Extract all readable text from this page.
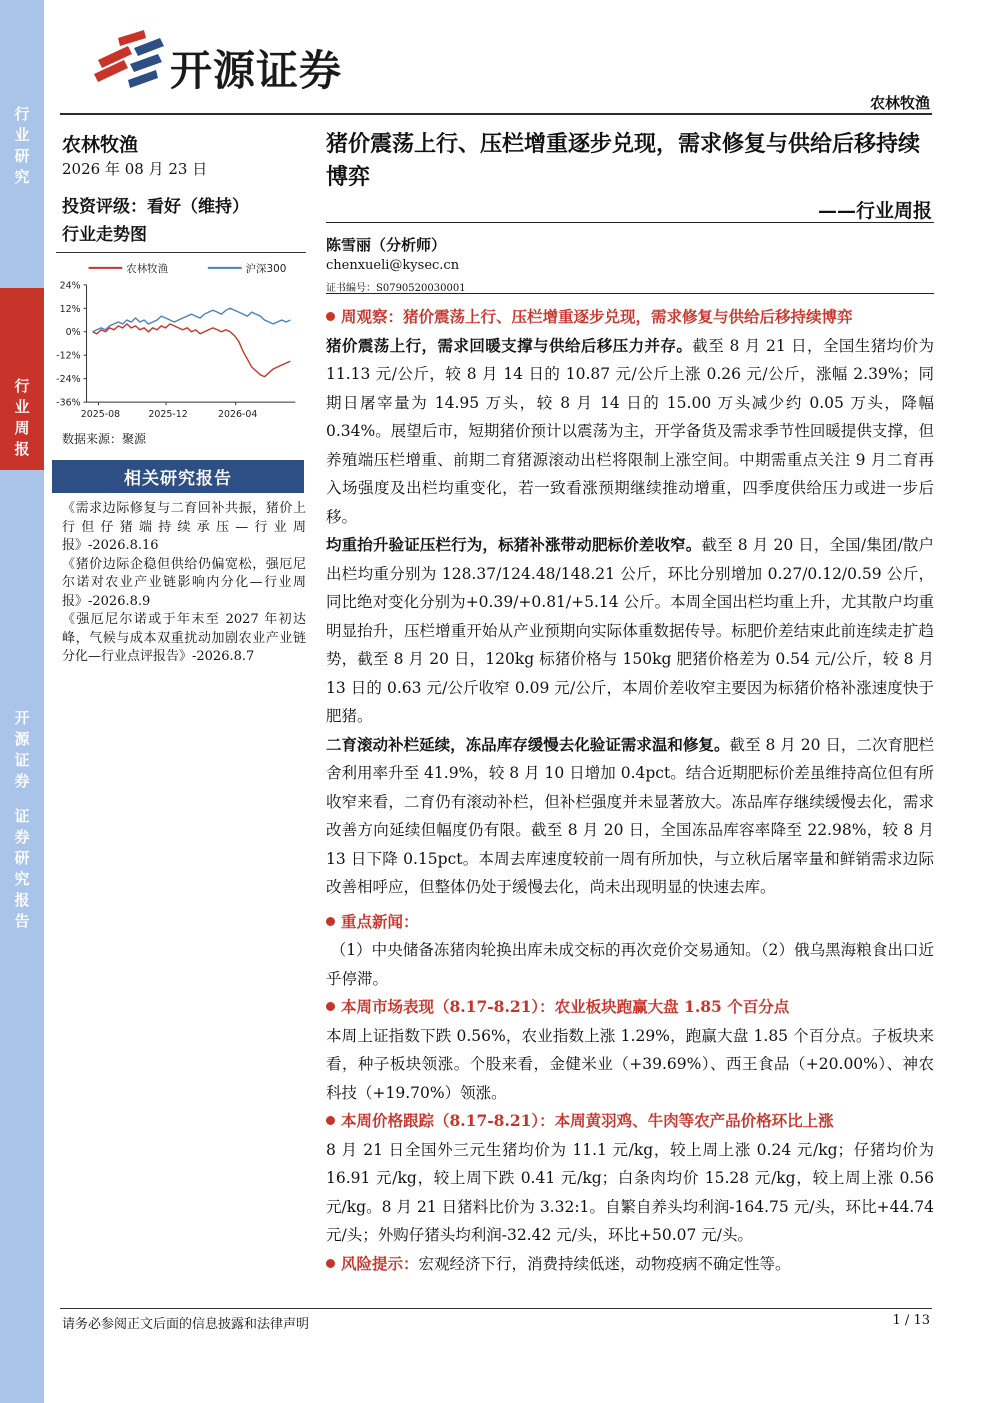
行
业
研
究
行
业
周
报
开
源
证
券
证
券
研
究
报
告
开源证券
农林牧渔
农林牧渔
2026 年 08 月 23 日
投资评级：看好（维持）
行业走势图
24%
12%
0%
-12%
-24%
-36%
2025-08	2025-12	2026-04
农林牧渔	沪深300
数据来源：聚源
相关研究报告
《需求边际修复与二育回补共振，猪价上行但仔猪端持续承压—行业周报》-2026.8.16
《猪价边际企稳但供给仍偏宽松，强厄尼尔诺对农业产业链影响内分化—行业周报》-2026.8.9
《强厄尼尔诺或于年末至 2027 年初达峰，气候与成本双重扰动加剧农业产业链分化—行业点评报告》-2026.8.7
猪价震荡上行、压栏增重逐步兑现，需求修复与供给后移持续博弈
——行业周报
陈雪丽（分析师）
chenxueli@kysec.cn
证书编号：S0790520030001

周观察：猪价震荡上行、压栏增重逐步兑现，需求修复与供给后移持续博弈

猪价震荡上行，需求回暖支撑与供给后移压力并存。截至 8 月 21 日，全国生猪均价为 11.13 元/公斤，较 8 月 14 日的 10.87 元/公斤上涨 0.26 元/公斤，涨幅 2.39%；同期日屠宰量为 14.95 万头，较 8 月 14 日的 15.00 万头减少约 0.05 万头，降幅 0.34%。展望后市，短期猪价预计以震荡为主，开学备货及需求季节性回暖提供支撑，但养殖端压栏增重、前期二育猪源滚动出栏将限制上涨空间。中期需重点关注 9 月二育再入场强度及出栏均重变化，若一致看涨预期继续推动增重，四季度供给压力或进一步后移。

均重抬升验证压栏行为，标猪补涨带动肥标价差收窄。截至 8 月 20 日，全国/集团/散户出栏均重分别为 128.37/124.48/148.21 公斤，环比分别增加 0.27/0.12/0.59 公斤，同比绝对变化分别为+0.39/+0.81/+5.14 公斤。本周全国出栏均重上升，尤其散户均重明显抬升，压栏增重开始从产业预期向实际体重数据传导。标肥价差结束此前连续走扩趋势，截至 8 月 20 日，120kg 标猪价格与 150kg 肥猪价格差为 0.54 元/公斤，较 8 月 13 日的 0.63 元/公斤收窄 0.09 元/公斤，本周价差收窄主要因为标猪价格补涨速度快于肥猪。

二育滚动补栏延续，冻品库存缓慢去化验证需求温和修复。截至 8 月 20 日，二次育肥栏舍利用率升至 41.9%，较 8 月 10 日增加 0.4pct。结合近期肥标价差虽维持高位但有所收窄来看，二育仍有滚动补栏，但补栏强度并未显著放大。冻品库存继续缓慢去化，需求改善方向延续但幅度仍有限。截至 8 月 20 日，全国冻品库容率降至 22.98%，较 8 月 13 日下降 0.15pct。本周去库速度较前一周有所加快，与立秋后屠宰量和鲜销需求边际改善相呼应，但整体仍处于缓慢去化，尚未出现明显的快速去库。

重点新闻：

（1）中央储备冻猪肉轮换出库未成交标的再次竞价交易通知。（2）俄乌黑海粮食出口近乎停滞。

本周市场表现（8.17-8.21）：农业板块跑赢大盘 1.85 个百分点

本周上证指数下跌 0.56%，农业指数上涨 1.29%，跑赢大盘 1.85 个百分点。子板块来看，种子板块领涨。个股来看，金健米业（+39.69%）、西王食品（+20.00%）、神农科技（+19.70%）领涨。

本周价格跟踪（8.17-8.21）：本周黄羽鸡、牛肉等农产品价格环比上涨

8 月 21 日全国外三元生猪均价为 11.1 元/kg，较上周上涨 0.24 元/kg；仔猪均价为 16.91 元/kg，较上周下跌 0.41 元/kg；白条肉均价 15.28 元/kg，较上周上涨 0.56 元/kg。8 月 21 日猪料比价为 3.32:1。自繁自养头均利润-164.75 元/头，环比+44.74 元/头；外购仔猪头均利润-32.42 元/头，环比+50.07 元/头。

风险提示：宏观经济下行，消费持续低迷，动物疫病不确定性等。

请务必参阅正文后面的信息披露和法律声明	1 / 13
